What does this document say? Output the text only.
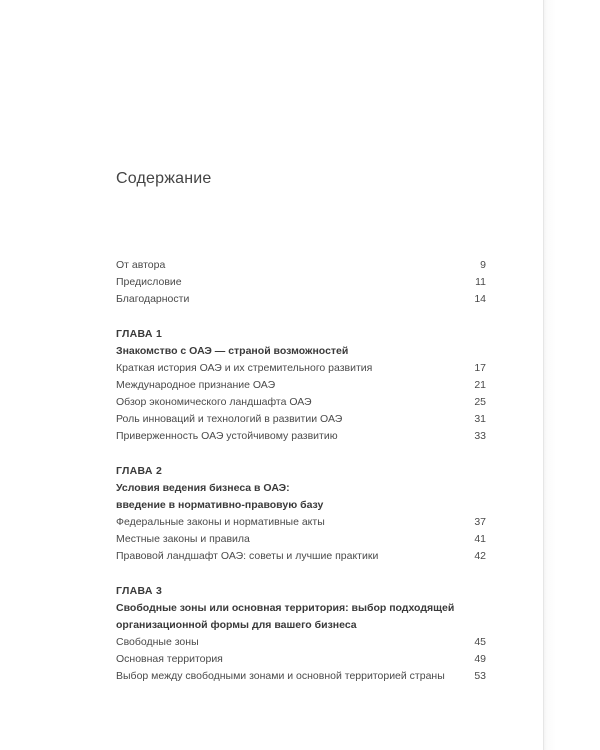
Содержание
От автора	9
Предисловие	11
Благодарности	14
ГЛАВА 1
Знакомство с ОАЭ — страной возможностей
Краткая история ОАЭ и их стремительного развития	17
Международное признание ОАЭ	21
Обзор экономического ландшафта ОАЭ	25
Роль инноваций и технологий в развитии ОАЭ	31
Приверженность ОАЭ устойчивому развитию	33
ГЛАВА 2
Условия ведения бизнеса в ОАЭ:
введение в нормативно-правовую базу
Федеральные законы и нормативные акты	37
Местные законы и правила	41
Правовой ландшафт ОАЭ: советы и лучшие практики	42
ГЛАВА 3
Свободные зоны или основная территория: выбор подходящей
организационной формы для вашего бизнеса
Свободные зоны	45
Основная территория	49
Выбор между свободными зонами и основной территорией страны	53
